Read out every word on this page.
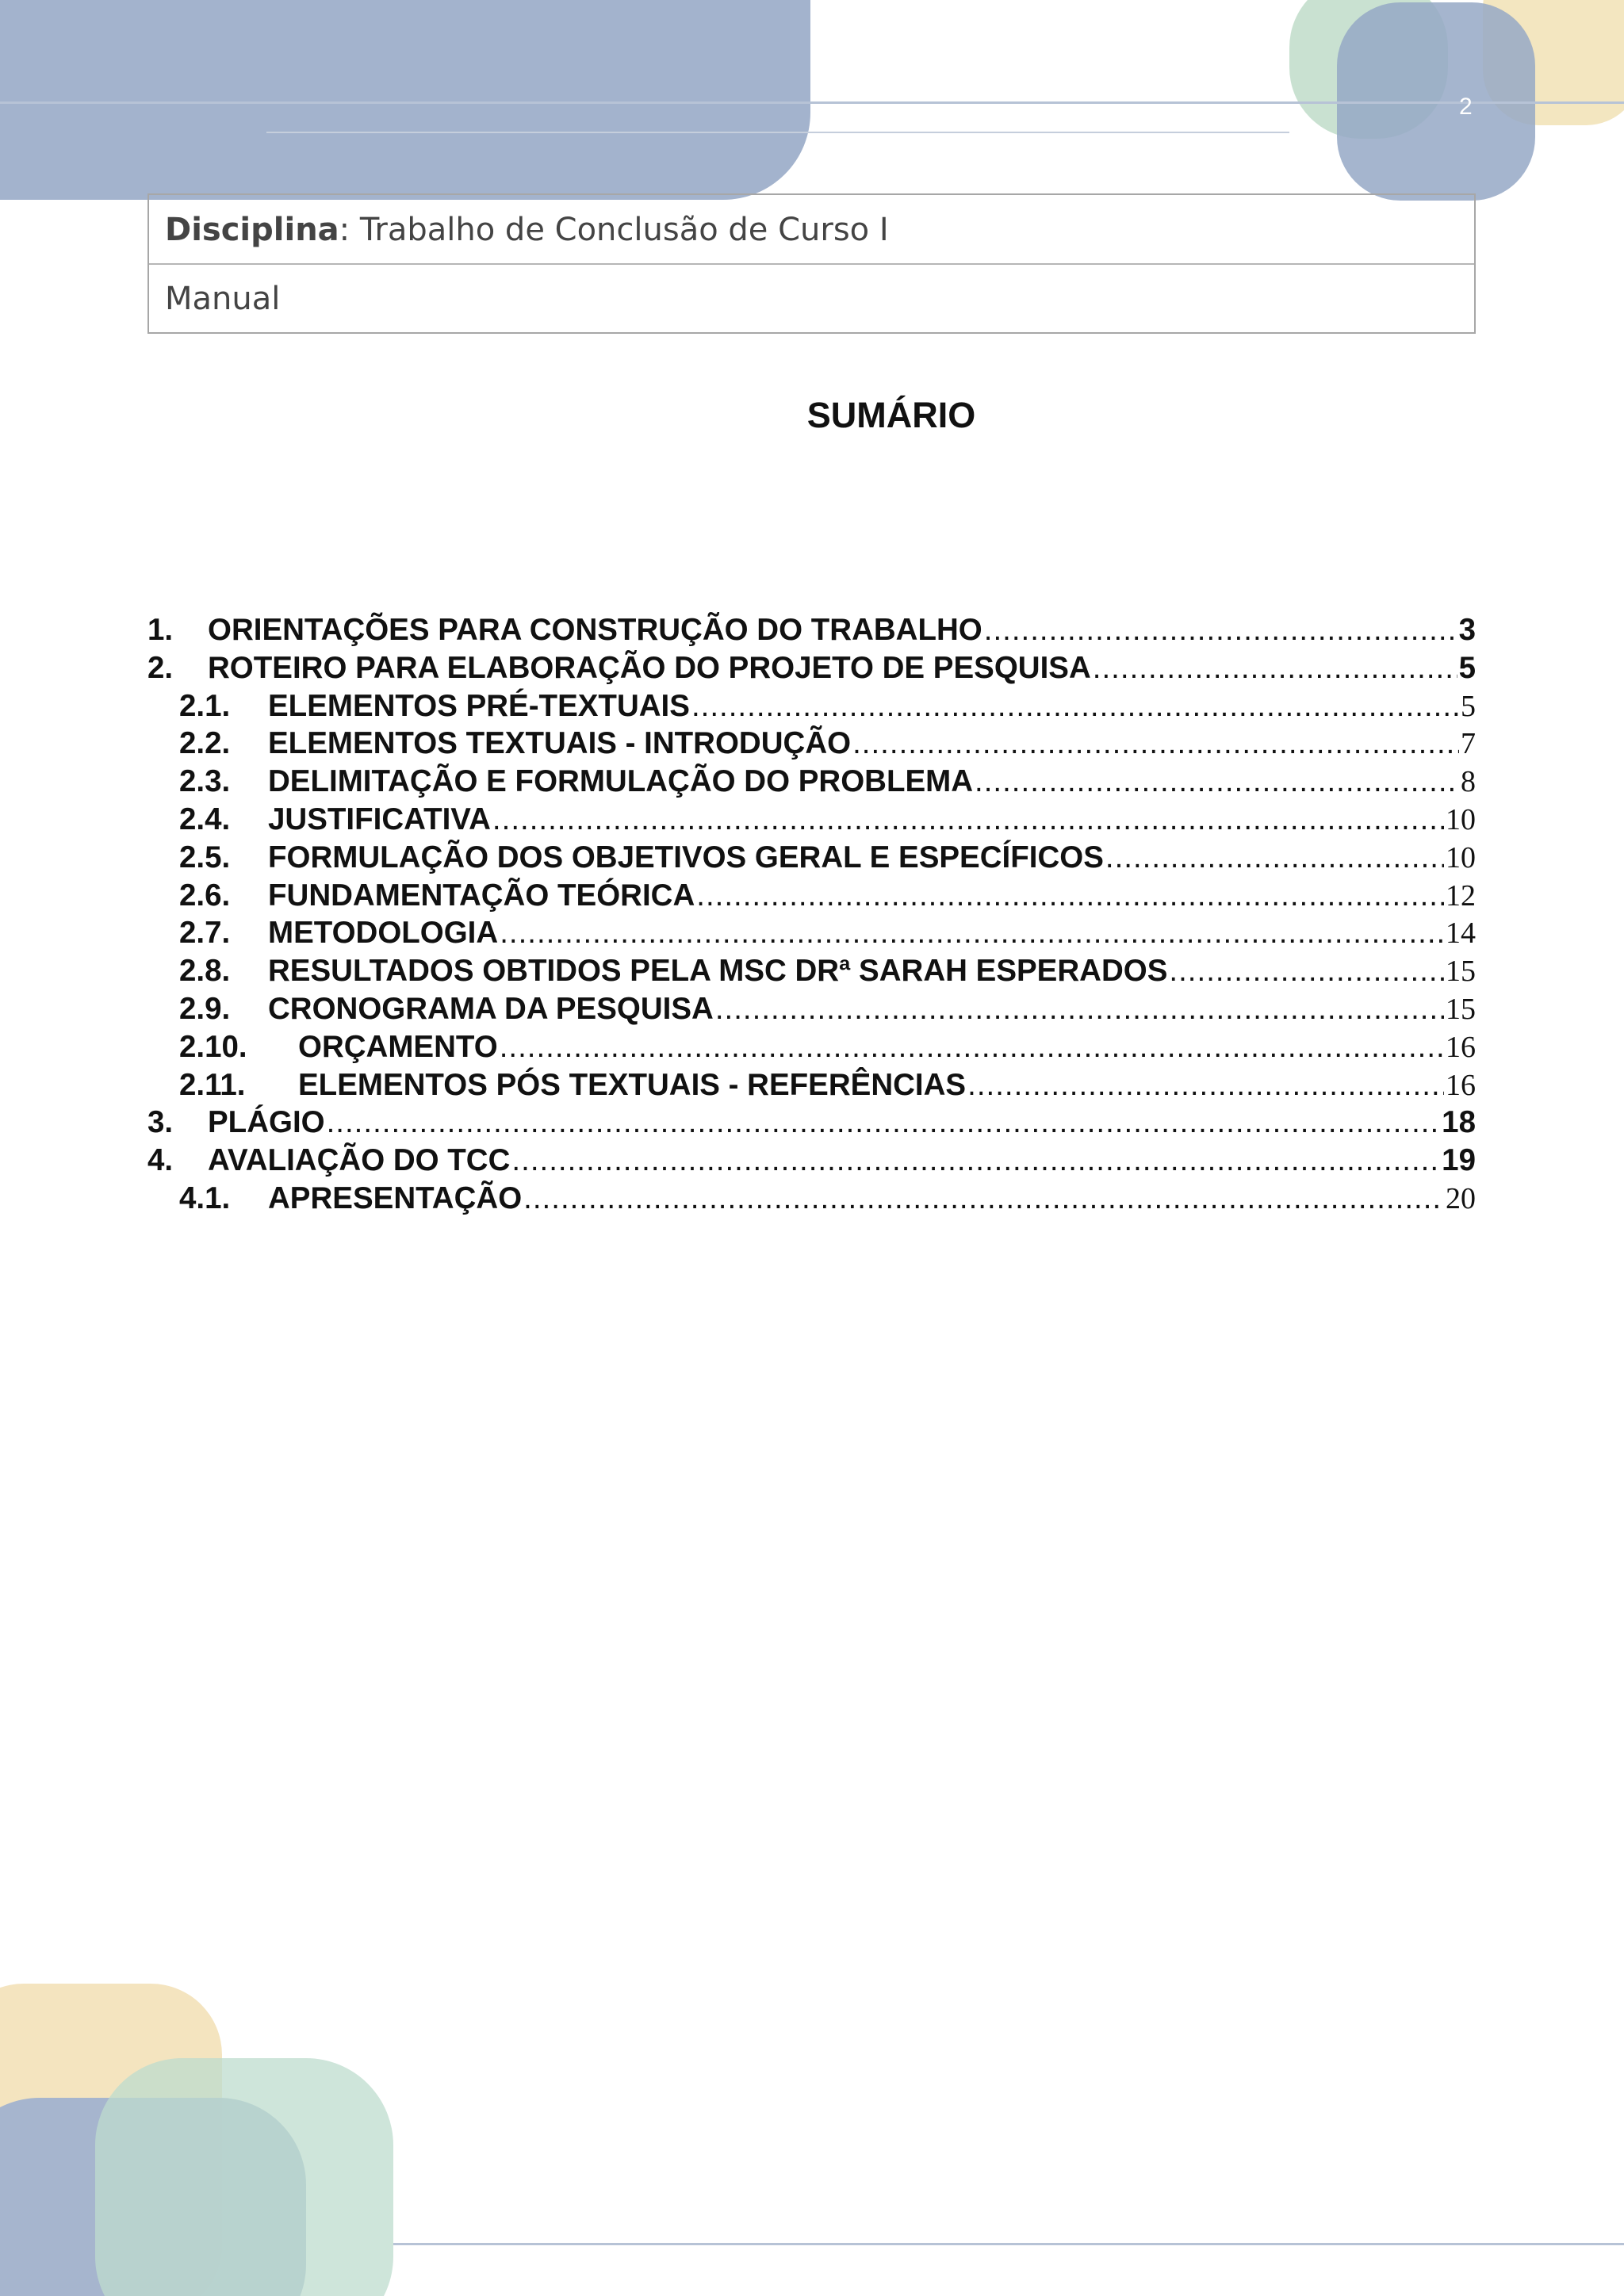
2
Disciplina: Trabalho de Conclusão de Curso I
Manual
SUMÁRIO
1.	ORIENTAÇÕES PARA CONSTRUÇÃO DO TRABALHO .....	3
2.	ROTEIRO PARA ELABORAÇÃO DO PROJETO DE PESQUISA .....	5
2.1.	ELEMENTOS PRÉ-TEXTUAIS .....	5
2.2.	ELEMENTOS TEXTUAIS - INTRODUÇÃO .....	7
2.3.	DELIMITAÇÃO E FORMULAÇÃO DO PROBLEMA .....	8
2.4.	JUSTIFICATIVA .....	10
2.5.	FORMULAÇÃO DOS OBJETIVOS GERAL E ESPECÍFICOS .....	10
2.6.	FUNDAMENTAÇÃO TEÓRICA .....	12
2.7.	METODOLOGIA .....	14
2.8.	RESULTADOS OBTIDOS PELA MSC DRª SARAH ESPERADOS .....	15
2.9.	CRONOGRAMA DA PESQUISA .....	15
2.10.	ORÇAMENTO .....	16
2.11.	ELEMENTOS PÓS TEXTUAIS - REFERÊNCIAS .....	16
3.	PLÁGIO .....	18
4.	AVALIAÇÃO DO TCC .....	19
4.1.	APRESENTAÇÃO .....	20
